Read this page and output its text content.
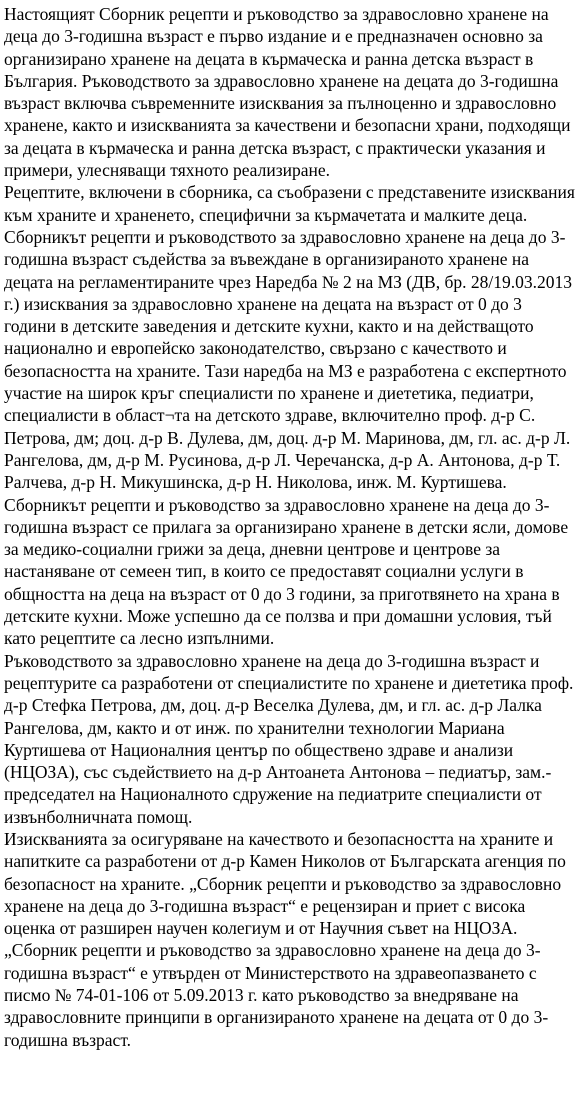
Настоящият Сборник рецепти и ръководство за здравословно хранене на деца до 3-годишна възраст е първо издание и е предназначен основно за организирано хранене на децата в кърмаческа и ранна детска възраст в България. Ръководството за здравословно хранене на децата до 3-годишна възраст включва съвременните изисквания за пълноценно и здравословно хранене, както и изискванията за качествени и безопасни храни, подходящи за децата в кърмаческа и ранна детска възраст, с практически указания и примери, улесняващи тяхното реализиране.

Рецептите, включени в сборника, са съобразени с представените изисквания към храните и храненето, специфични за кърмачетата и малките деца. Сборникът рецепти и ръководството за здравословно хранене на деца до 3-годишна възраст съдейства за въвеждане в организираното хранене на децата на регламентираните чрез Наредба № 2 на МЗ (ДВ, бр. 28/19.03.2013 г.) изисквания за здравословно хранене на децата на възраст от 0 до 3 години в детските заведения и детските кухни, както и на действащото национално и европейско законодателство, свързано с качеството и безопасността на храните. Тази наредба на МЗ е разработена с експертното участие на широк кръг специалисти по хранене и диететика, педиатри, специалисти в област¬та на детското здраве, включително проф. д-р С. Петрова, дм; доц. д-р В. Дулева, дм, доц. д-р М. Маринова, дм, гл. ас. д-р Л. Рангелова, дм, д-р М. Русинова, д-р Л. Черечанска, д-р А. Антонова, д-р Т. Ралчева, д-р Н. Микушинска, д-р Н. Николова, инж. М. Куртишева.

Сборникът рецепти и ръководство за здравословно хранене на деца до 3-годишна възраст се прилага за организирано хранене в детски ясли, домове за медико-социални грижи за деца, дневни центрове и центрове за настаняване от семеен тип, в които се предоставят социални услуги в общността на деца на възраст от 0 до 3 години, за приготвянето на храна в детските кухни. Може успешно да се ползва и при домашни условия, тъй като рецептите са лесно изпълними.

Ръководството за здравословно хранене на деца до 3-годишна възраст и рецептурите са разработени от специалистите по хранене и диететика проф. д-р Стефка Петрова, дм, доц. д-р Веселка Дулева, дм, и гл. ас. д-р Лалка Рангелова, дм, както и от инж. по хранителни технологии Мариана Куртишева от Националния център по обществено здраве и анализи (НЦОЗА), със съдействието на д-р Антоанета Антонова – педиатър, зам.-председател на Националното сдружение на педиатрите специалисти от извънболничната помощ.

Изискванията за осигуряване на качеството и безопасността на храните и напитките са разработени от д-р Камен Николов от Българската агенция по безопасност на храните. „Сборник рецепти и ръководство за здравословно хранене на деца до 3-годишна възраст“ е рецензиран и приет с висока оценка от разширен научен колегиум и от Научния съвет на НЦОЗА.

„Сборник рецепти и ръководство за здравословно хранене на деца до 3-годишна възраст“ е утвърден от Министерството на здравеопазването с писмо № 74-01-106 от 5.09.2013 г. като ръководство за внедряване на здравословните принципи в организираното хранене на децата от 0 до 3-годишна възраст.
